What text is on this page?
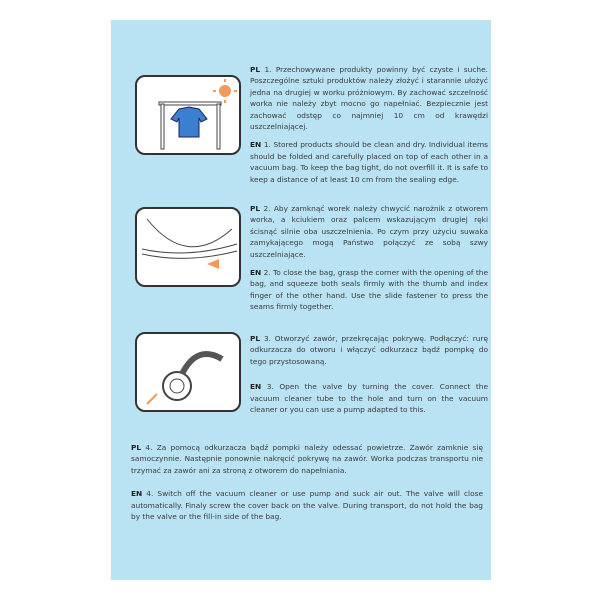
PL 1. Przechowywane produkty powinny być czyste i suche. Poszczególne sztuki produktów należy złożyć i starannie ułożyć jedna na drugiej w worku próżniowym. By zachować szczelność worka nie należy zbyt mocno go napełniać. Bezpiecznie jest zachować odstęp co najmniej 10 cm od krawędzi uszczelniającej.

EN 1. Stored products should be clean and dry. Individual items should be folded and carefully placed on top of each other in a vacuum bag. To keep the bag tight, do not overfill it. It is safe to keep a distance of at least 10 cm from the sealing edge.

PL 2. Aby zamknąć worek należy chwycić narożnik z otworem worka, a kciukiem oraz palcem wskazującym drugiej ręki ścisnąć silnie oba uszczelnienia. Po czym przy użyciu suwaka zamykającego mogą Państwo połączyć ze sobą szwy uszczelniające.

EN 2. To close the bag, grasp the corner with the opening of the bag, and squeeze both seals firmly with the thumb and index finger of the other hand. Use the slide fastener to press the seams firmly together.

PL 3. Otworzyć zawór, przekręcając pokrywę. Podłączyć: rurę odkurzacza do otworu i włączyć odkurzacz bądź pompkę do tego przystosowaną.

EN 3. Open the valve by turning the cover. Connect the vacuum cleaner tube to the hole and turn on the vacuum cleaner or you can use a pump adapted to this.

PL 4. Za pomocą odkurzacza bądź pompki należy odessać powietrze. Zawór zamknie się samoczynnie. Następnie ponownie nakręcić pokrywę na zawór. Worka podczas transportu nie trzymać za zawór ani za stroną z otworem do napełniania.

EN 4. Switch off the vacuum cleaner or use pump and suck air out. The valve will close automatically. Finaly screw the cover back on the valve. During transport, do not hold the bag by the valve or the fill-in side of the bag.
